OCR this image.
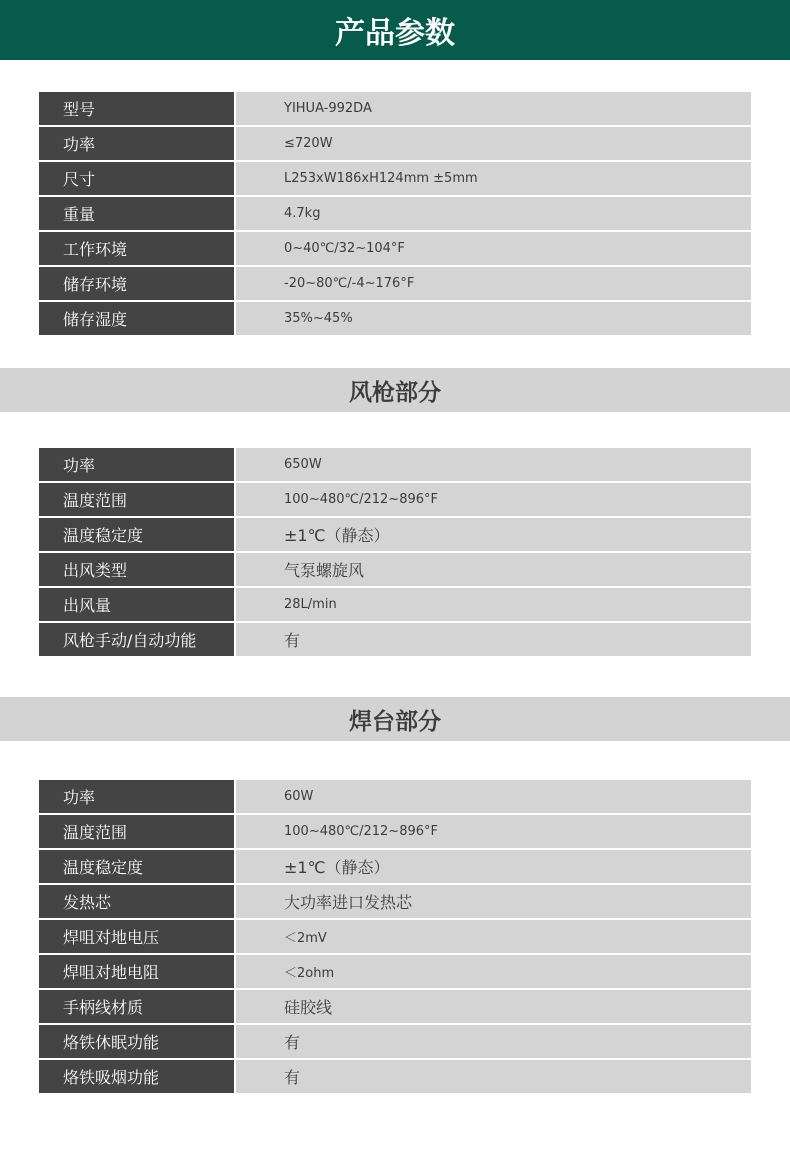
产品参数
型号	YIHUA-992DA
功率	≤720W
尺寸	L253xW186xH124mm ±5mm
重量	4.7kg
工作环境	0~40℃/32~104°F
储存环境	-20~80℃/-4~176°F
储存湿度	35%~45%
风枪部分
功率	650W
温度范围	100~480℃/212~896°F
温度稳定度	±1℃（静态）
出风类型	气泵螺旋风
出风量	28L/min
风枪手动/自动功能	有
焊台部分
功率	60W
温度范围	100~480℃/212~896°F
温度稳定度	±1℃（静态）
发热芯	大功率进口发热芯
焊咀对地电压	＜2mV
焊咀对地电阻	＜2ohm
手柄线材质	硅胶线
烙铁休眠功能	有
烙铁吸烟功能	有
